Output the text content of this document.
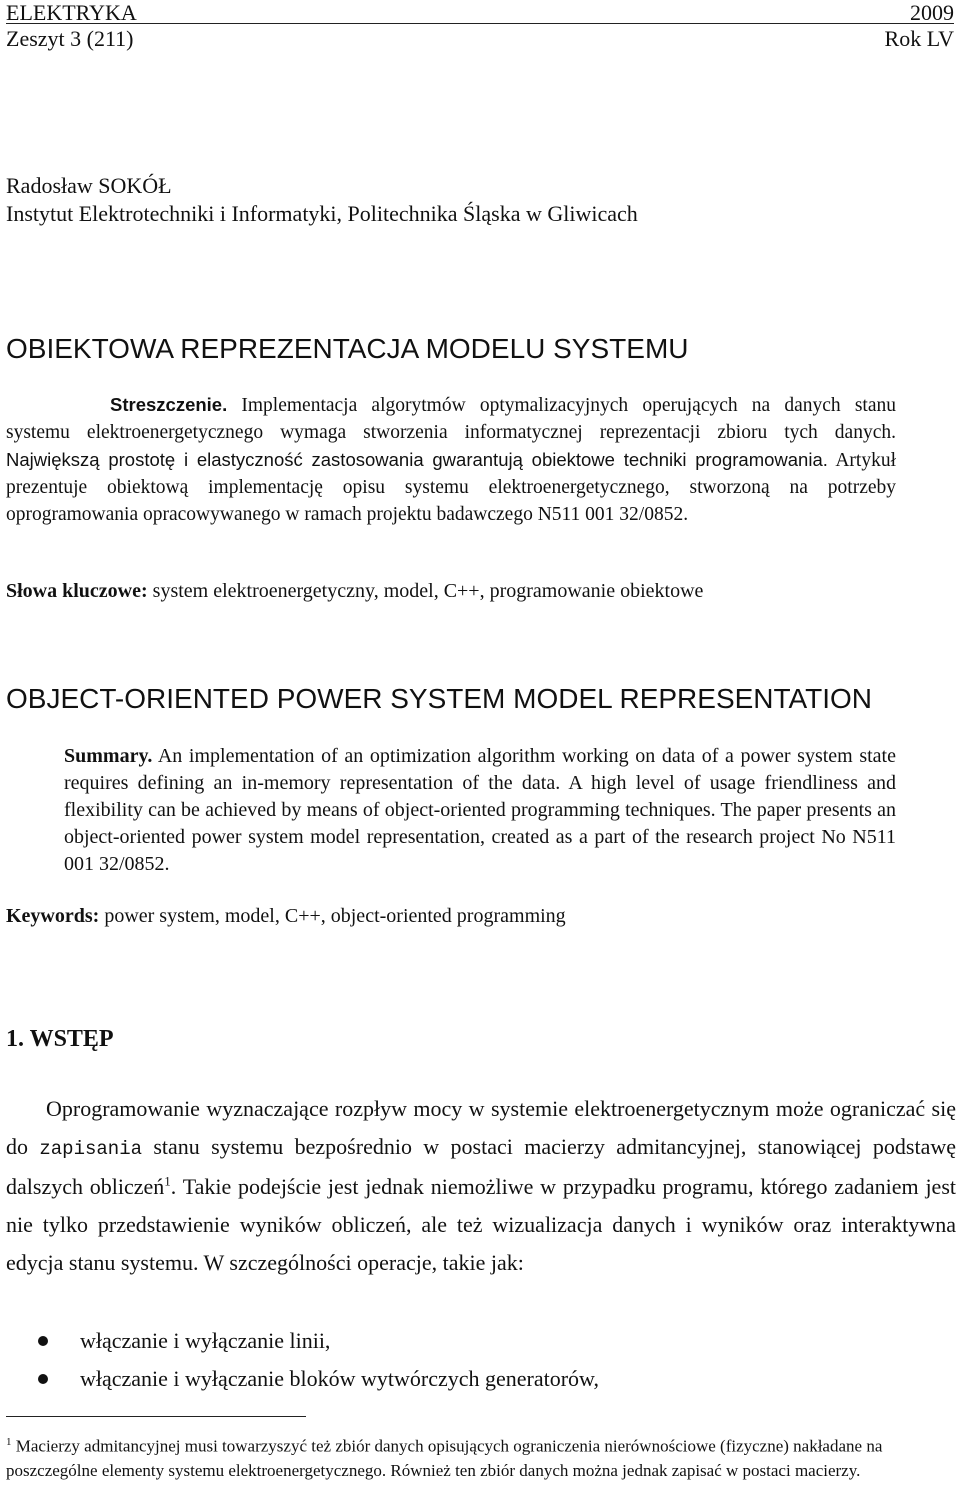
ELEKTRYKA	2009
Zeszyt 3 (211)	Rok LV
Radosław SOKÓŁ
Instytut Elektrotechniki i Informatyki, Politechnika Śląska w Gliwicach
OBIEKTOWA REPREZENTACJA MODELU SYSTEMU

Streszczenie. Implementacja algorytmów optymalizacyjnych operujących na danych stanu systemu elektroenergetycznego wymaga stworzenia informatycznej reprezentacji zbioru tych danych. Największą prostotę i elastyczność zastosowania gwarantują obiektowe techniki programowania. Artykuł prezentuje obiektową implementację opisu systemu elektroenergetycznego, stworzoną na potrzeby oprogramowania opracowywanego w ramach projektu badawczego N511 001 32/0852.

Słowa kluczowe: system elektroenergetyczny, model, C++, programowanie obiektowe

OBJECT-ORIENTED POWER SYSTEM MODEL REPRESENTATION

Summary. An implementation of an optimization algorithm working on data of a power system state requires defining an in-memory representation of the data. A high level of usage friendliness and flexibility can be achieved by means of object-oriented programming techniques. The paper presents an object-oriented power system model representation, created as a part of the research project No N511 001 32/0852.

Keywords: power system, model, C++, object-oriented programming

1. WSTĘP

Oprogramowanie wyznaczające rozpływ mocy w systemie elektroenergetycznym może ograniczać się do zapisania stanu systemu bezpośrednio w postaci macierzy admitancyjnej, stanowiącej podstawę dalszych obliczeń$^1$. Takie podejście jest jednak niemożliwe w przypadku programu, którego zadaniem jest nie tylko przedstawienie wyników obliczeń, ale też wizualizacja danych i wyników oraz interaktywna edycja stanu systemu. W szczególności operacje, takie jak:

włączanie i wyłączanie linii,
włączanie i wyłączanie bloków wytwórczych generatorów,

$^1$ Macierzy admitancyjnej musi towarzyszyć też zbiór danych opisujących ograniczenia nierównościowe (fizyczne) nakładane na poszczególne elementy systemu elektroenergetycznego. Również ten zbiór danych można jednak zapisać w postaci macierzy.
